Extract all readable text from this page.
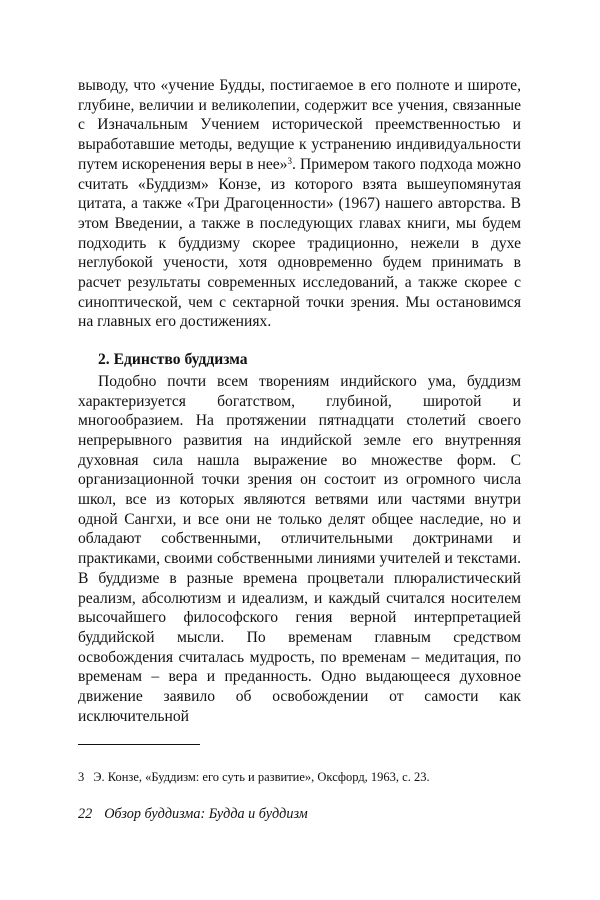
выводу, что «учение Будды, постигаемое в его полноте и широте, глубине, величии и великолепии, содержит все учения, связанные с Изначальным Учением исторической преемственностью и выработавшие методы, ведущие к устранению индивидуальности путем искоренения веры в нее»$^3$. Примером такого подхода можно считать «Буддизм» Конзе, из которого взята вышеупомянутая цитата, а также «Три Драгоценности» (1967) нашего авторства. В этом Введении, а также в последующих главах книги, мы будем подходить к буддизму скорее традиционно, нежели в духе неглубокой учености, хотя одновременно будем принимать в расчет результаты современных исследований, а также скорее с синоптической, чем с сектарной точки зрения. Мы остановимся на главных его достижениях.

2. Единство буддизма

Подобно почти всем творениям индийского ума, буддизм характеризуется богатством, глубиной, широтой и многообразием. На протяжении пятнадцати столетий своего непрерывного развития на индийской земле его внутренняя духовная сила нашла выражение во множестве форм. С организационной точки зрения он состоит из огромного числа школ, все из которых являются ветвями или частями внутри одной Сангхи, и все они не только делят общее наследие, но и обладают собственными, отличительными доктринами и практиками, своими собственными линиями учителей и текстами. В буддизме в разные времена процветали плюралистический реализм, абсолютизм и идеализм, и каждый считался носителем высочайшего философского гения верной интерпретацией буддийской мысли. По временам главным средством освобождения считалась мудрость, по временам – медитация, по временам – вера и преданность. Одно выдающееся духовное движение заявило об освобождении от самости как исключительной

3 Э. Конзе, «Буддизм: его суть и развитие», Оксфорд, 1963, с. 23.
22 Обзор буддизма: Будда и буддизм
